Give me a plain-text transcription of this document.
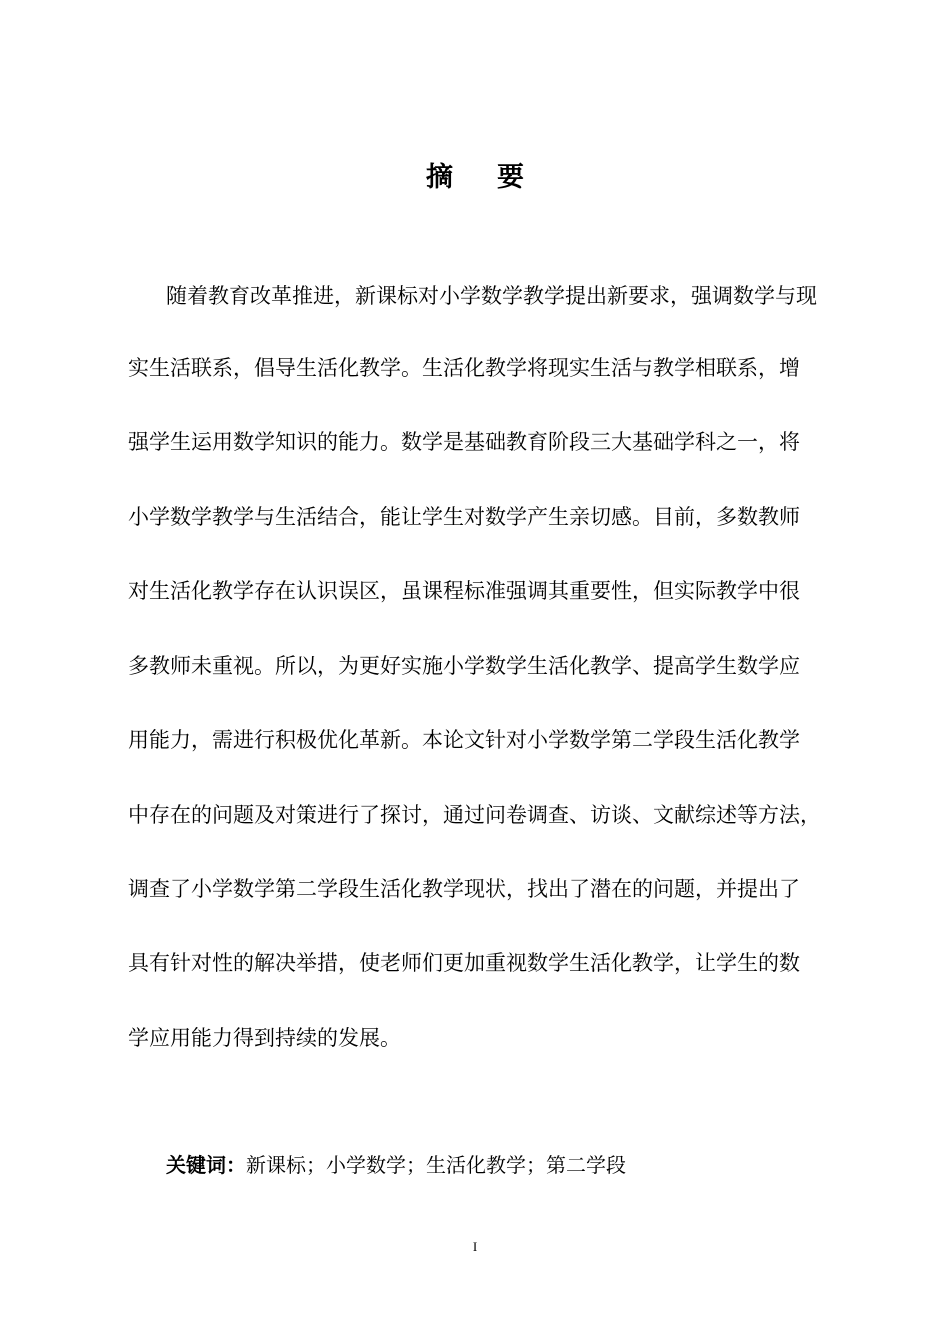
摘 要
随着教育改革推进，新课标对小学数学教学提出新要求，强调数学与现
实生活联系，倡导生活化教学。生活化教学将现实生活与教学相联系，增
强学生运用数学知识的能力。数学是基础教育阶段三大基础学科之一，将
小学数学教学与生活结合，能让学生对数学产生亲切感。目前，多数教师
对生活化教学存在认识误区，虽课程标准强调其重要性，但实际教学中很
多教师未重视。所以，为更好实施小学数学生活化教学、提高学生数学应
用能力，需进行积极优化革新。本论文针对小学数学第二学段生活化教学
中存在的问题及对策进行了探讨，通过问卷调查、访谈、文献综述等方法，
调查了小学数学第二学段生活化教学现状，找出了潜在的问题，并提出了
具有针对性的解决举措，使老师们更加重视数学生活化教学，让学生的数
学应用能力得到持续的发展。
关键词：新课标；小学数学；生活化教学；第二学段
I
